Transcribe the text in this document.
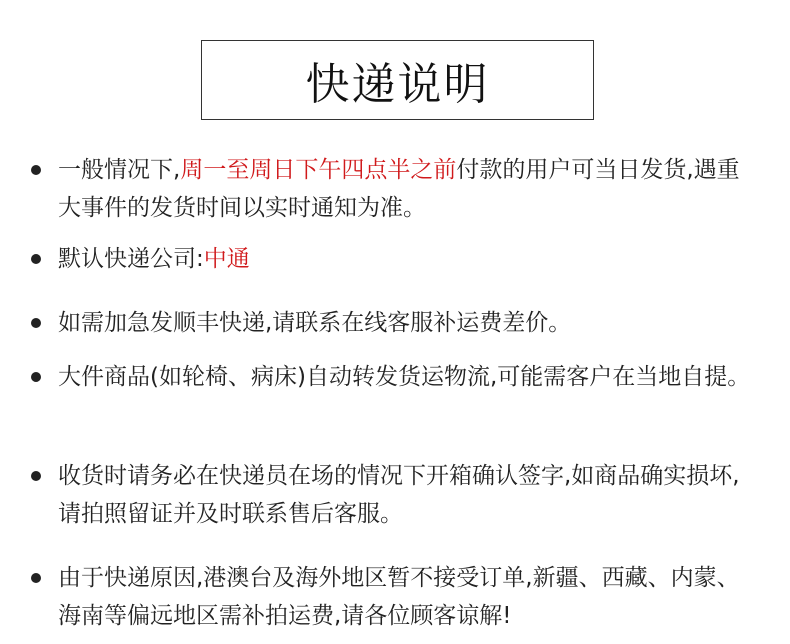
快递说明
一般情况下,周一至周日下午四点半之前付款的用户可当日发货,遇重大事件的发货时间以实时通知为准。
默认快递公司:中通
如需加急发顺丰快递,请联系在线客服补运费差价。
大件商品(如轮椅、病床)自动转发货运物流,可能需客户在当地自提。
收货时请务必在快递员在场的情况下开箱确认签字,如商品确实损坏,请拍照留证并及时联系售后客服。
由于快递原因,港澳台及海外地区暂不接受订单,新疆、西藏、内蒙、海南等偏远地区需补拍运费,请各位顾客谅解!
